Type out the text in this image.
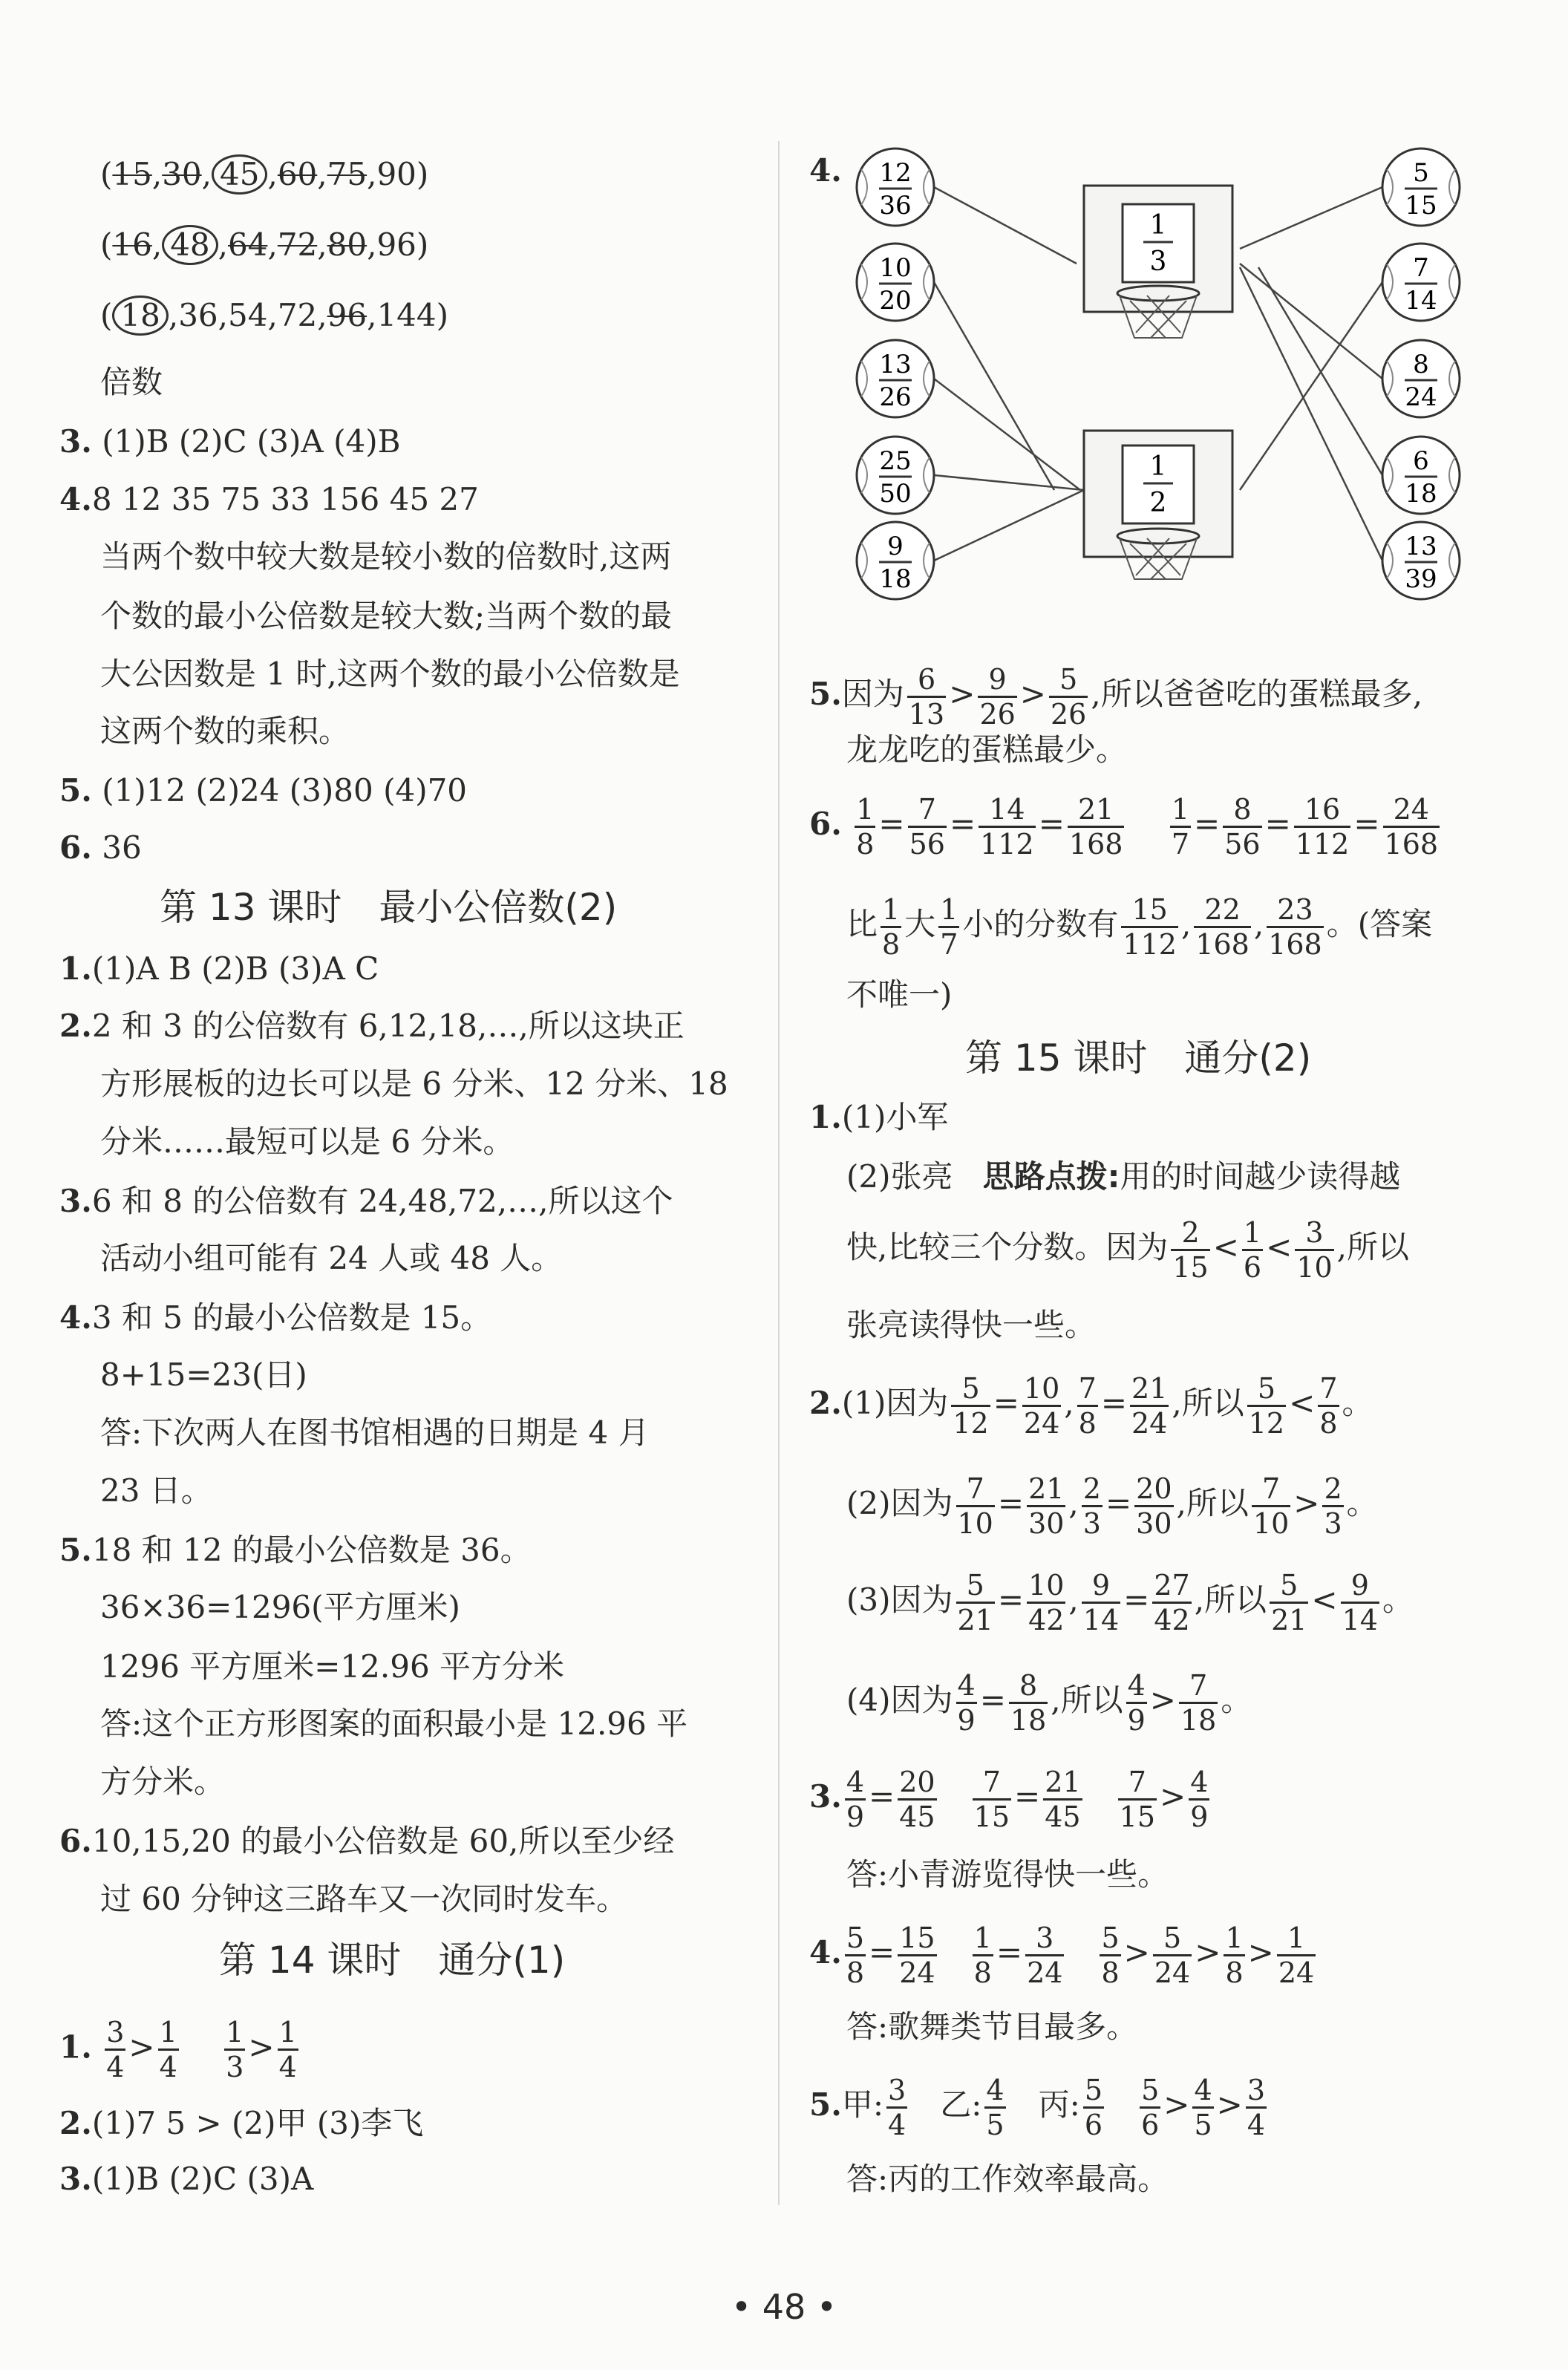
(15,30, 45 ,60,75,90)
(16, 48 ,64,72,80,96)
( 18 ,36,54,72,96,144)
倍数
3. (1)B (2)C (3)A (4)B
4.8 12 35 75 33 156 45 27
当两个数中较大数是较小数的倍数时,这两
个数的最小公倍数是较大数;当两个数的最
大公因数是 1 时,这两个数的最小公倍数是
这两个数的乘积。
5. (1)12 (2)24 (3)80 (4)70
6. 36
第 13 课时　最小公倍数(2)
1.(1)A B (2)B (3)A C
2.2 和 3 的公倍数有 6,12,18,…,所以这块正
方形展板的边长可以是 6 分米、12 分米、18
分米……最短可以是 6 分米。
3.6 和 8 的公倍数有 24,48,72,…,所以这个
活动小组可能有 24 人或 48 人。
4.3 和 5 的最小公倍数是 15。
8+15=23(日)
答:下次两人在图书馆相遇的日期是 4 月
23 日。
5.18 和 12 的最小公倍数是 36。
36×36=1296(平方厘米)
1296 平方厘米=12.96 平方分米
答:这个正方形图案的面积最小是 12.96 平
方分米。
6.10,15,20 的最小公倍数是 60,所以至少经
过 60 分钟这三路车又一次同时发车。
第 14 课时　通分(1)
1. $\frac{3}{4} > \frac{1}{4}$
$\frac{1}{3} > \frac{1}{4}$
2.(1)7 5 > (2)甲 (3)李飞
3.(1)B (2)C (3)A
4.
1
3
1
2
12
36
10
20
13
26
25
50
9
18
5
15
7
14
8
24
6
18
13
39
5.因为 $\frac{6}{13} > \frac{9}{26} > \frac{5}{26}$ ,所以爸爸吃的蛋糕最多,
龙龙吃的蛋糕最少。
6. $\frac{1}{8} = \frac{7}{56} = \frac{14}{112} = \frac{21}{168}$
$\frac{1}{7} = \frac{8}{56} = \frac{16}{112} = \frac{24}{168}$
比 $\frac{1}{8}$ 大 $\frac{1}{7}$ 小的分数有 $\frac{15}{112}$ , $\frac{22}{168}$ , $\frac{23}{168}$ 。(答案
不唯一)
第 15 课时　通分(2)
1.(1)小军
(2)张亮 思路点拨:用的时间越少读得越
快,比较三个分数。因为 $\frac{2}{15} < \frac{1}{6} < \frac{3}{10}$ ,所以
张亮读得快一些。
2.(1)因为 $\frac{5}{12} = \frac{10}{24}$ , $\frac{7}{8} = \frac{21}{24}$ ,所以 $\frac{5}{12} < \frac{7}{8}$ 。
(2)因为 $\frac{7}{10} = \frac{21}{30}$ , $\frac{2}{3} = \frac{20}{30}$ ,所以 $\frac{7}{10} > \frac{2}{3}$ 。
(3)因为 $\frac{5}{21} = \frac{10}{42}$ , $\frac{9}{14} = \frac{27}{42}$ ,所以 $\frac{5}{21} < \frac{9}{14}$ 。
(4)因为 $\frac{4}{9} = \frac{8}{18}$ ,所以 $\frac{4}{9} > \frac{7}{18}$ 。
3. $\frac{4}{9} = \frac{20}{45}$
$\frac{7}{15} = \frac{21}{45}$
$\frac{7}{15} > \frac{4}{9}$
答:小青游览得快一些。
4. $\frac{5}{8} = \frac{15}{24}$
$\frac{1}{8} = \frac{3}{24}$
$\frac{5}{8} > \frac{5}{24} > \frac{1}{8} > \frac{1}{24}$
答:歌舞类节目最多。
5.甲: $\frac{3}{4}$ 乙: $\frac{4}{5}$ 丙: $\frac{5}{6}$
$\frac{5}{6} > \frac{4}{5} > \frac{3}{4}$
答:丙的工作效率最高。
• 48 •
